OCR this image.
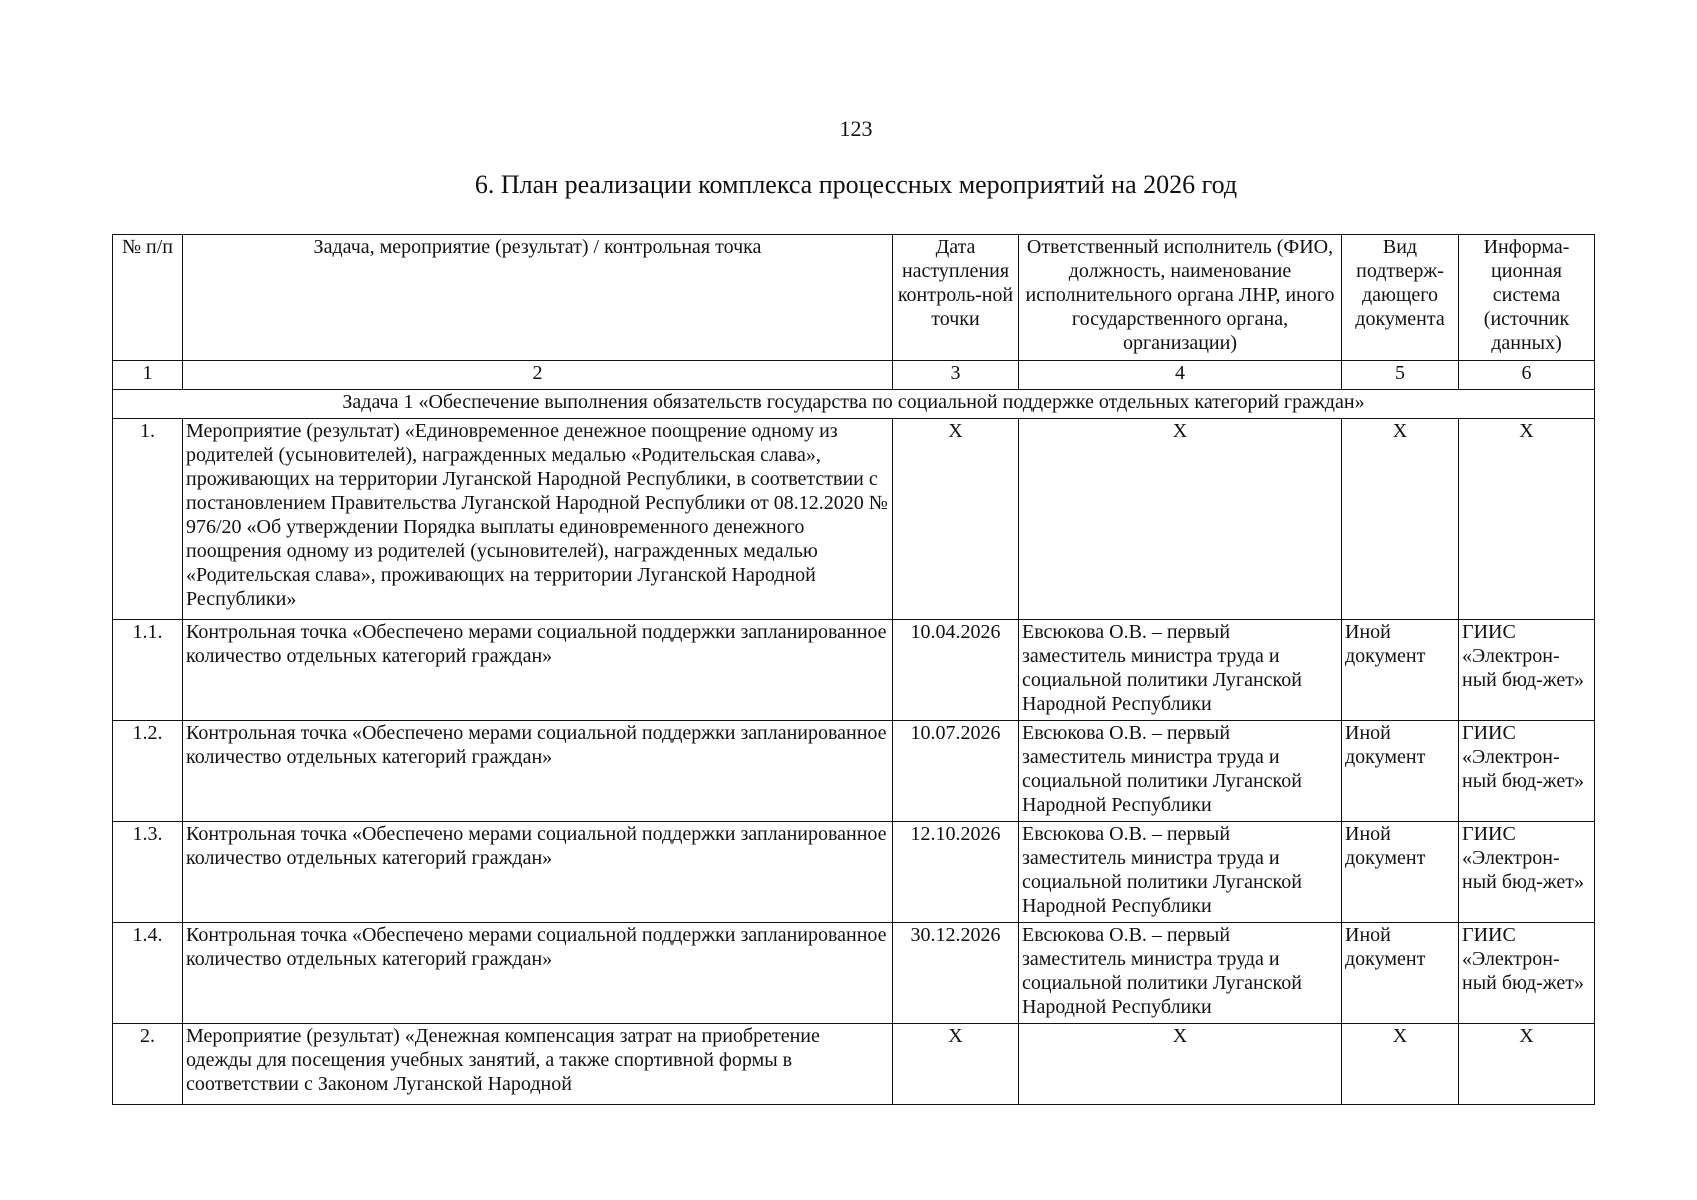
123
6. План реализации комплекса процессных мероприятий на 2026 год
№ п/п	Задача, мероприятие (результат) / контрольная точка	Дата наступления контроль-ной точки	Ответственный исполнитель (ФИО, должность, наименование исполнительного органа ЛНР, иного государственного органа, организации)	Вид подтверж-дающего документа	Информа-ционная система (источник данных)
1	2	3	4	5	6
Задача 1 «Обеспечение выполнения обязательств государства по социальной поддержке отдельных категорий граждан»					
1.	Мероприятие (результат) «Единовременное денежное поощрение одному из родителей (усыновителей), награжденных медалью «Родительская слава», проживающих на территории Луганской Народной Республики, в соответствии с постановлением Правительства Луганской Народной Республики от 08.12.2020 № 976/20 «Об утверждении Порядка выплаты единовременного денежного поощрения одному из родителей (усыновителей), награжденных медалью «Родительская слава», проживающих на территории Луганской Народной Республики»	X	X	X	X
1.1.	Контрольная точка «Обеспечено мерами социальной поддержки запланированное количество отдельных категорий граждан»	10.04.2026	Евсюкова О.В. – первый заместитель министра труда и социальной политики Луганской Народной Республики	Иной документ	ГИИС «Электрон-ный бюд-жет»
1.2.	Контрольная точка «Обеспечено мерами социальной поддержки запланированное количество отдельных категорий граждан»	10.07.2026	Евсюкова О.В. – первый заместитель министра труда и социальной политики Луганской Народной Республики	Иной документ	ГИИС «Электрон-ный бюд-жет»
1.3.	Контрольная точка «Обеспечено мерами социальной поддержки запланированное количество отдельных категорий граждан»	12.10.2026	Евсюкова О.В. – первый заместитель министра труда и социальной политики Луганской Народной Республики	Иной документ	ГИИС «Электрон-ный бюд-жет»
1.4.	Контрольная точка «Обеспечено мерами социальной поддержки запланированное количество отдельных категорий граждан»	30.12.2026	Евсюкова О.В. – первый заместитель министра труда и социальной политики Луганской Народной Республики	Иной документ	ГИИС «Электрон-ный бюд-жет»
2.	Мероприятие (результат) «Денежная компенсация затрат на приобретение одежды для посещения учебных занятий, а также спортивной формы в соответствии с Законом Луганской Народной	X	X	X	X
